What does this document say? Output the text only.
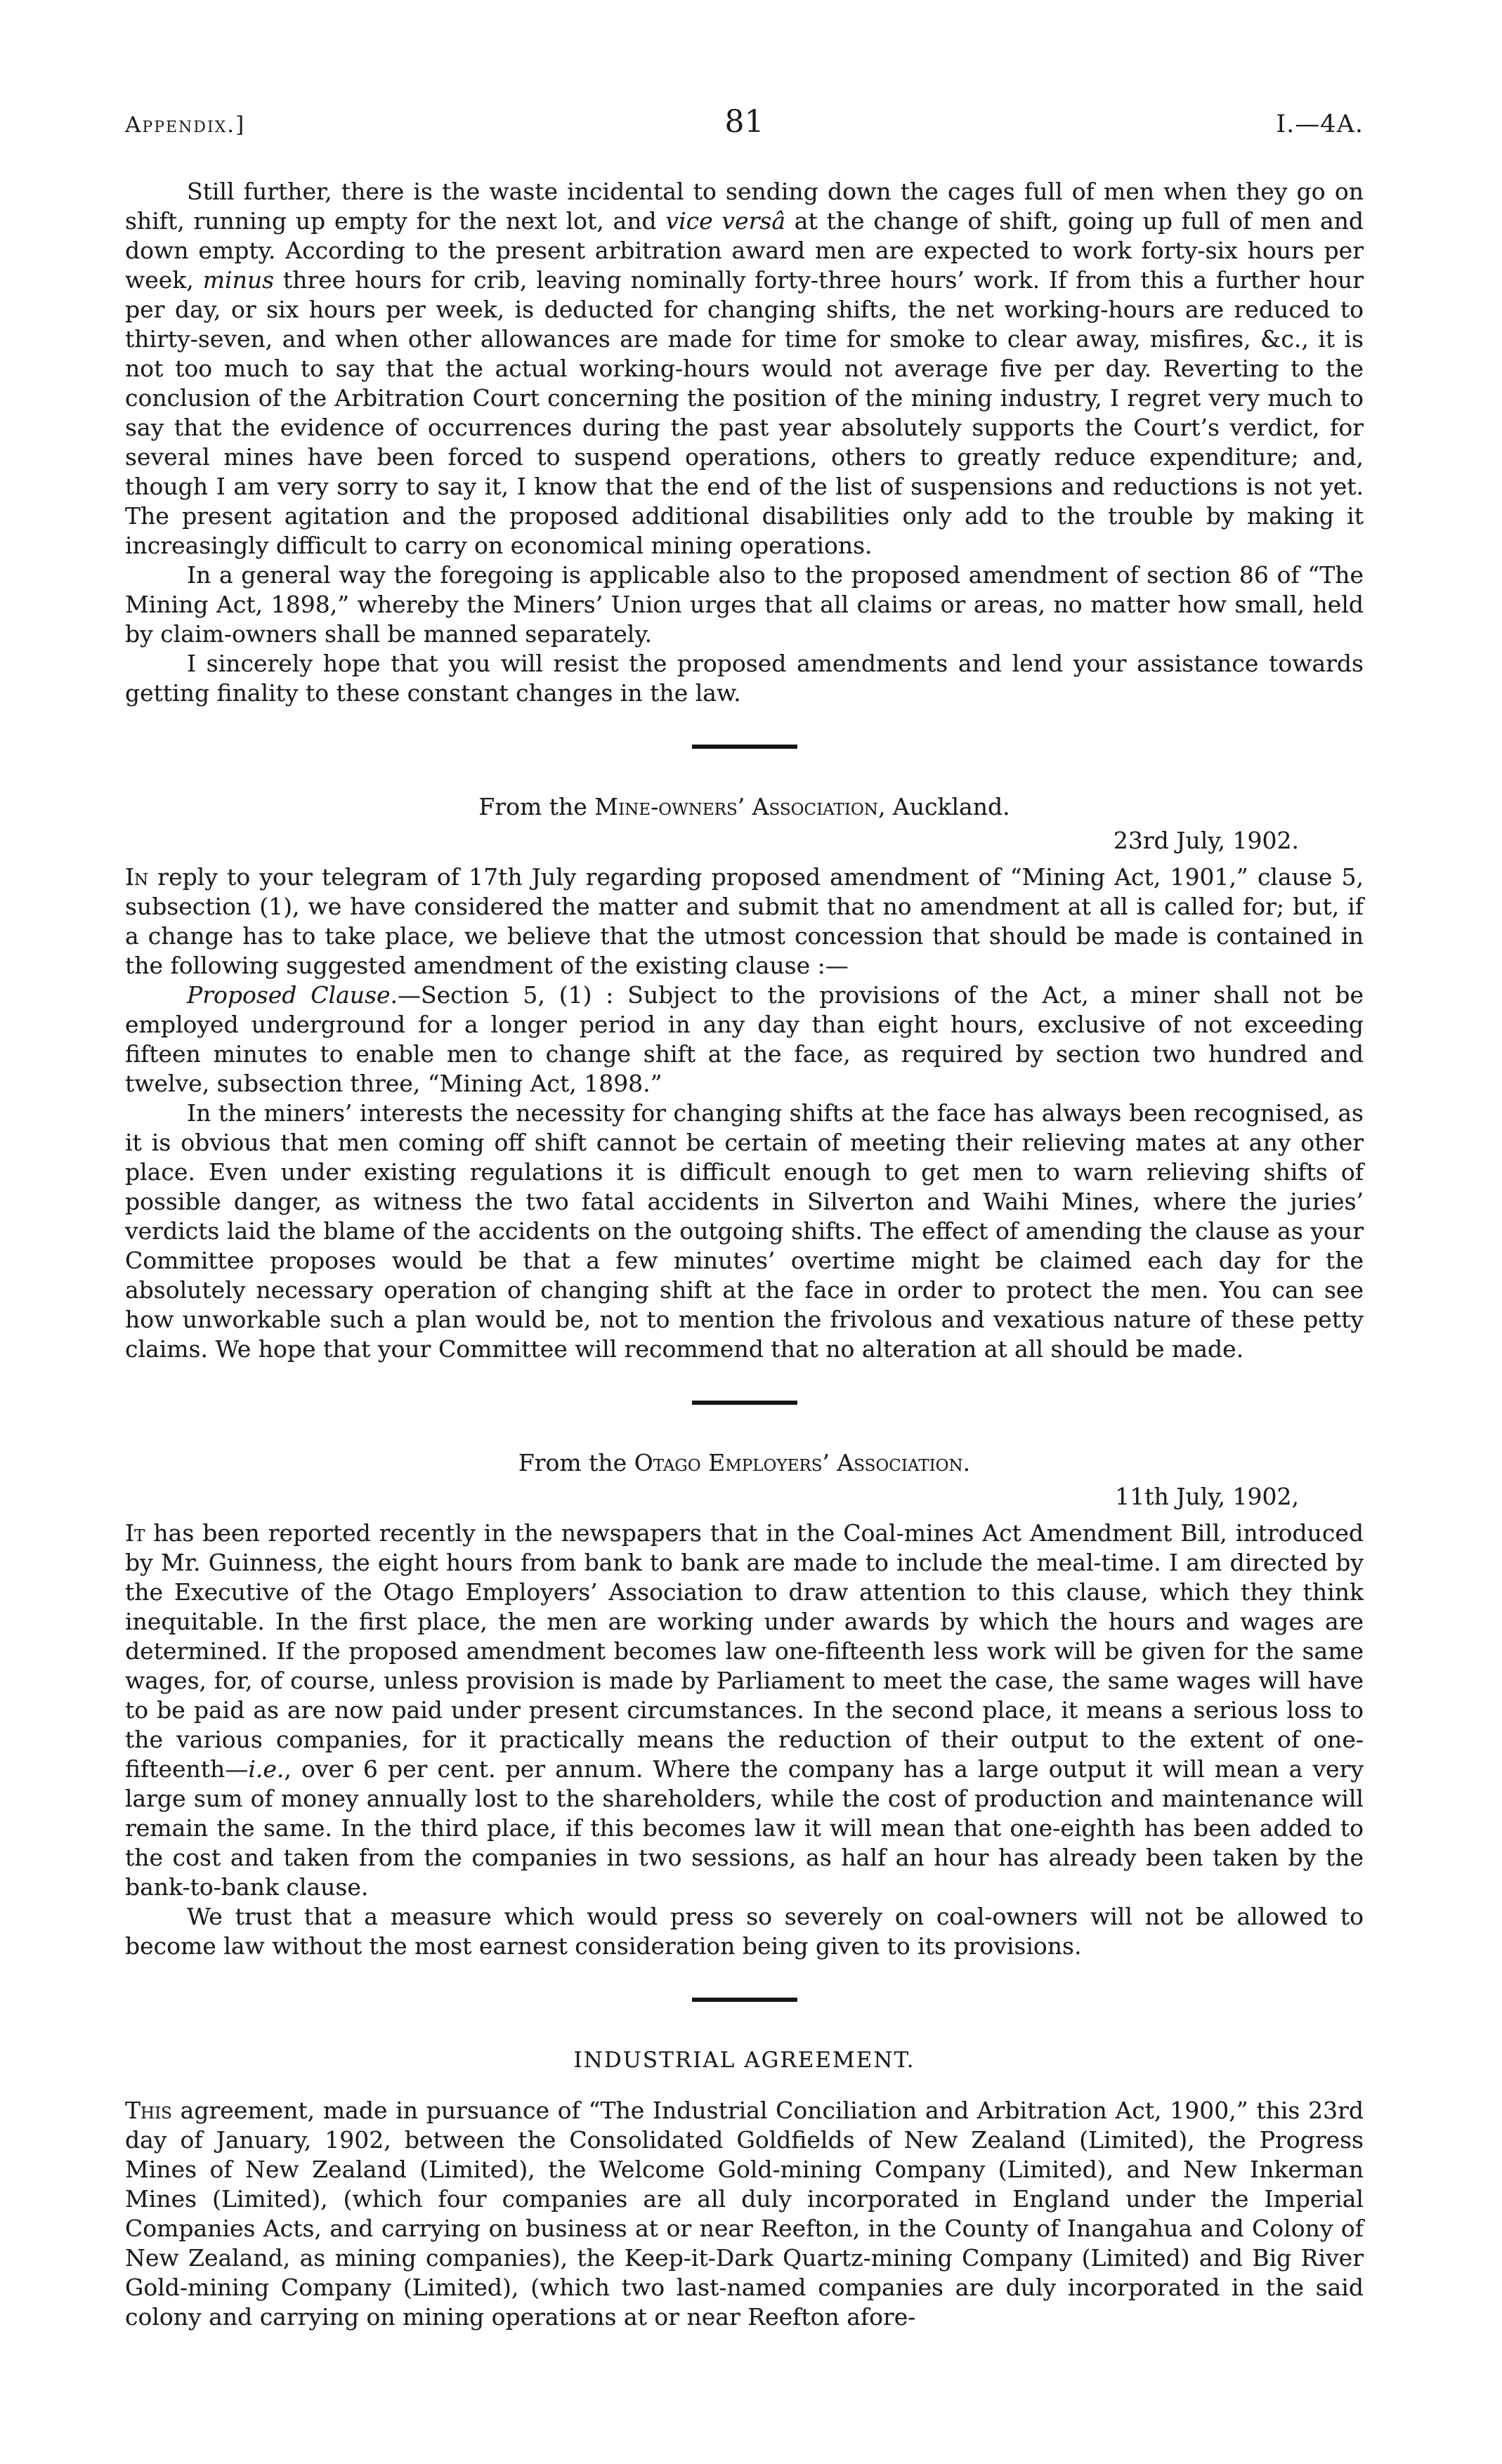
Appendix.]	81	I.—4A.
Still further, there is the waste incidental to sending down the cages full of men when they go on shift, running up empty for the next lot, and vice versâ at the change of shift, going up full of men and down empty. According to the present arbitration award men are expected to work forty-six hours per week, minus three hours for crib, leaving nominally forty-three hours’ work. If from this a further hour per day, or six hours per week, is deducted for changing shifts, the net working-hours are reduced to thirty-seven, and when other allowances are made for time for smoke to clear away, misfires, &c., it is not too much to say that the actual working-hours would not average five per day. Reverting to the conclusion of the Arbitration Court concerning the position of the mining industry, I regret very much to say that the evidence of occurrences during the past year absolutely supports the Court’s verdict, for several mines have been forced to suspend operations, others to greatly reduce expenditure; and, though I am very sorry to say it, I know that the end of the list of suspensions and reductions is not yet. The present agitation and the proposed additional disabilities only add to the trouble by making it increasingly difficult to carry on economical mining operations.
In a general way the foregoing is applicable also to the proposed amendment of section 86 of “The Mining Act, 1898,” whereby the Miners’ Union urges that all claims or areas, no matter how small, held by claim-owners shall be manned separately.
I sincerely hope that you will resist the proposed amendments and lend your assistance towards getting finality to these constant changes in the law.
From the Mine-owners’ Association, Auckland.
23rd July, 1902.
In reply to your telegram of 17th July regarding proposed amendment of “Mining Act, 1901,” clause 5, subsection (1), we have considered the matter and submit that no amendment at all is called for; but, if a change has to take place, we believe that the utmost concession that should be made is contained in the following suggested amendment of the existing clause :—
Proposed Clause.—Section 5, (1) : Subject to the provisions of the Act, a miner shall not be employed underground for a longer period in any day than eight hours, exclusive of not exceeding fifteen minutes to enable men to change shift at the face, as required by section two hundred and twelve, subsection three, “Mining Act, 1898.”
In the miners’ interests the necessity for changing shifts at the face has always been recognised, as it is obvious that men coming off shift cannot be certain of meeting their relieving mates at any other place. Even under existing regulations it is difficult enough to get men to warn relieving shifts of possible danger, as witness the two fatal accidents in Silverton and Waihi Mines, where the juries’ verdicts laid the blame of the accidents on the outgoing shifts. The effect of amending the clause as your Committee proposes would be that a few minutes’ overtime might be claimed each day for the absolutely necessary operation of changing shift at the face in order to protect the men. You can see how unworkable such a plan would be, not to mention the frivolous and vexatious nature of these petty claims. We hope that your Committee will recommend that no alteration at all should be made.
From the Otago Employers’ Association.
11th July, 1902,
It has been reported recently in the newspapers that in the Coal-mines Act Amendment Bill, introduced by Mr. Guinness, the eight hours from bank to bank are made to include the meal-time. I am directed by the Executive of the Otago Employers’ Association to draw attention to this clause, which they think inequitable. In the first place, the men are working under awards by which the hours and wages are determined. If the proposed amendment becomes law one-fifteenth less work will be given for the same wages, for, of course, unless provision is made by Parliament to meet the case, the same wages will have to be paid as are now paid under present circumstances. In the second place, it means a serious loss to the various companies, for it practically means the reduction of their output to the extent of one-fifteenth—i.e., over 6 per cent. per annum. Where the company has a large output it will mean a very large sum of money annually lost to the shareholders, while the cost of production and maintenance will remain the same. In the third place, if this becomes law it will mean that one-eighth has been added to the cost and taken from the companies in two sessions, as half an hour has already been taken by the bank-to-bank clause.
We trust that a measure which would press so severely on coal-owners will not be allowed to become law without the most earnest consideration being given to its provisions.
INDUSTRIAL AGREEMENT.
This agreement, made in pursuance of “The Industrial Conciliation and Arbitration Act, 1900,” this 23rd day of January, 1902, between the Consolidated Goldfields of New Zealand (Limited), the Progress Mines of New Zealand (Limited), the Welcome Gold-mining Company (Limited), and New Inkerman Mines (Limited), (which four companies are all duly incorporated in England under the Imperial Companies Acts, and carrying on business at or near Reefton, in the County of Inangahua and Colony of New Zealand, as mining companies), the Keep-it-Dark Quartz-mining Company (Limited) and Big River Gold-mining Company (Limited), (which two last-named companies are duly incorporated in the said colony and carrying on mining operations at or near Reefton afore-
